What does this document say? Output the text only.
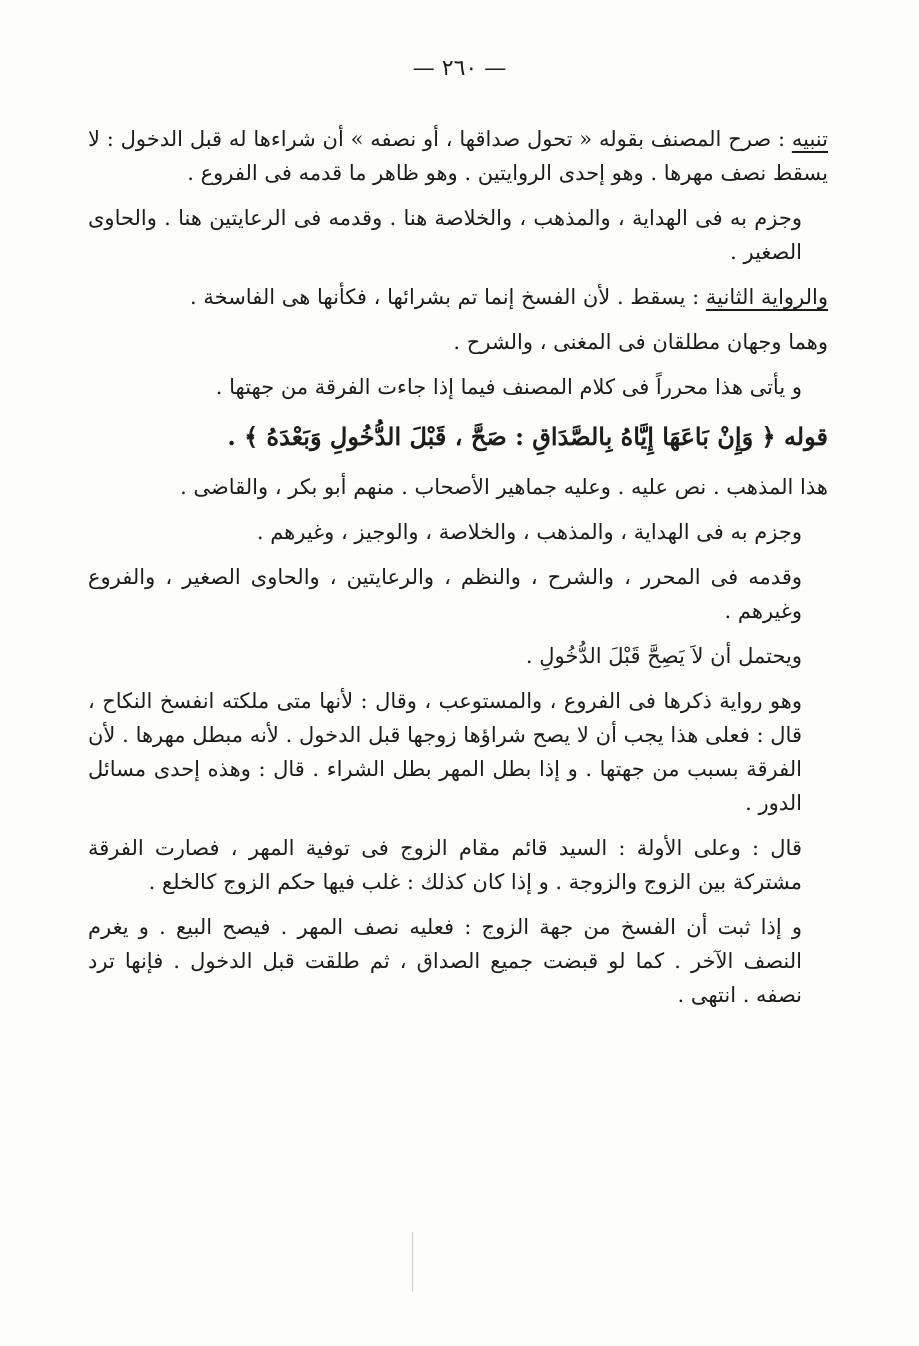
— ٢٦٠ —

تنبيه : صرح المصنف بقوله « تحول صداقها ، أو نصفه » أن شراءها له قبل الدخول : لا يسقط نصف مهرها . وهو إحدى الروايتين . وهو ظاهر ما قدمه فى الفروع .

وجزم به فى الهداية ، والمذهب ، والخلاصة هنا . وقدمه فى الرعايتين هنا . والحاوى الصغير .

والرواية الثانية : يسقط . لأن الفسخ إنما تم بشرائها ، فكأنها هى الفاسخة .

وهما وجهان مطلقان فى المغنى ، والشرح .

و يأتى هذا محرراً فى كلام المصنف فيما إذا جاءت الفرقة من جهتها .

قوله ﴿ وَإِنْ بَاعَهَا إِيَّاهُ بِالصَّدَاقِ : صَحَّ ، قَبْلَ الدُّخُولِ وَبَعْدَهُ ﴾ .

هذا المذهب . نص عليه . وعليه جماهير الأصحاب . منهم أبو بكر ، والقاضى .

وجزم به فى الهداية ، والمذهب ، والخلاصة ، والوجيز ، وغيرهم .

وقدمه فى المحرر ، والشرح ، والنظم ، والرعايتين ، والحاوى الصغير ، والفروع وغيرهم .

ويحتمل أن لاَ يَصِحَّ قَبْلَ الدُّخُولِ .

وهو رواية ذكرها فى الفروع ، والمستوعب ، وقال : لأنها متى ملكته انفسخ النكاح ، قال : فعلى هذا يجب أن لا يصح شراؤها زوجها قبل الدخول . لأنه مبطل مهرها . لأن الفرقة بسبب من جهتها . و إذا بطل المهر بطل الشراء . قال : وهذه إحدى مسائل الدور .

قال : وعلى الأولة : السيد قائم مقام الزوج فى توفية المهر ، فصارت الفرقة مشتركة بين الزوج والزوجة . و إذا كان كذلك : غلب فيها حكم الزوج كالخلع .

و إذا ثبت أن الفسخ من جهة الزوج : فعليه نصف المهر . فيصح البيع . و يغرم النصف الآخر . كما لو قبضت جميع الصداق ، ثم طلقت قبل الدخول . فإنها ترد نصفه . انتهى .
